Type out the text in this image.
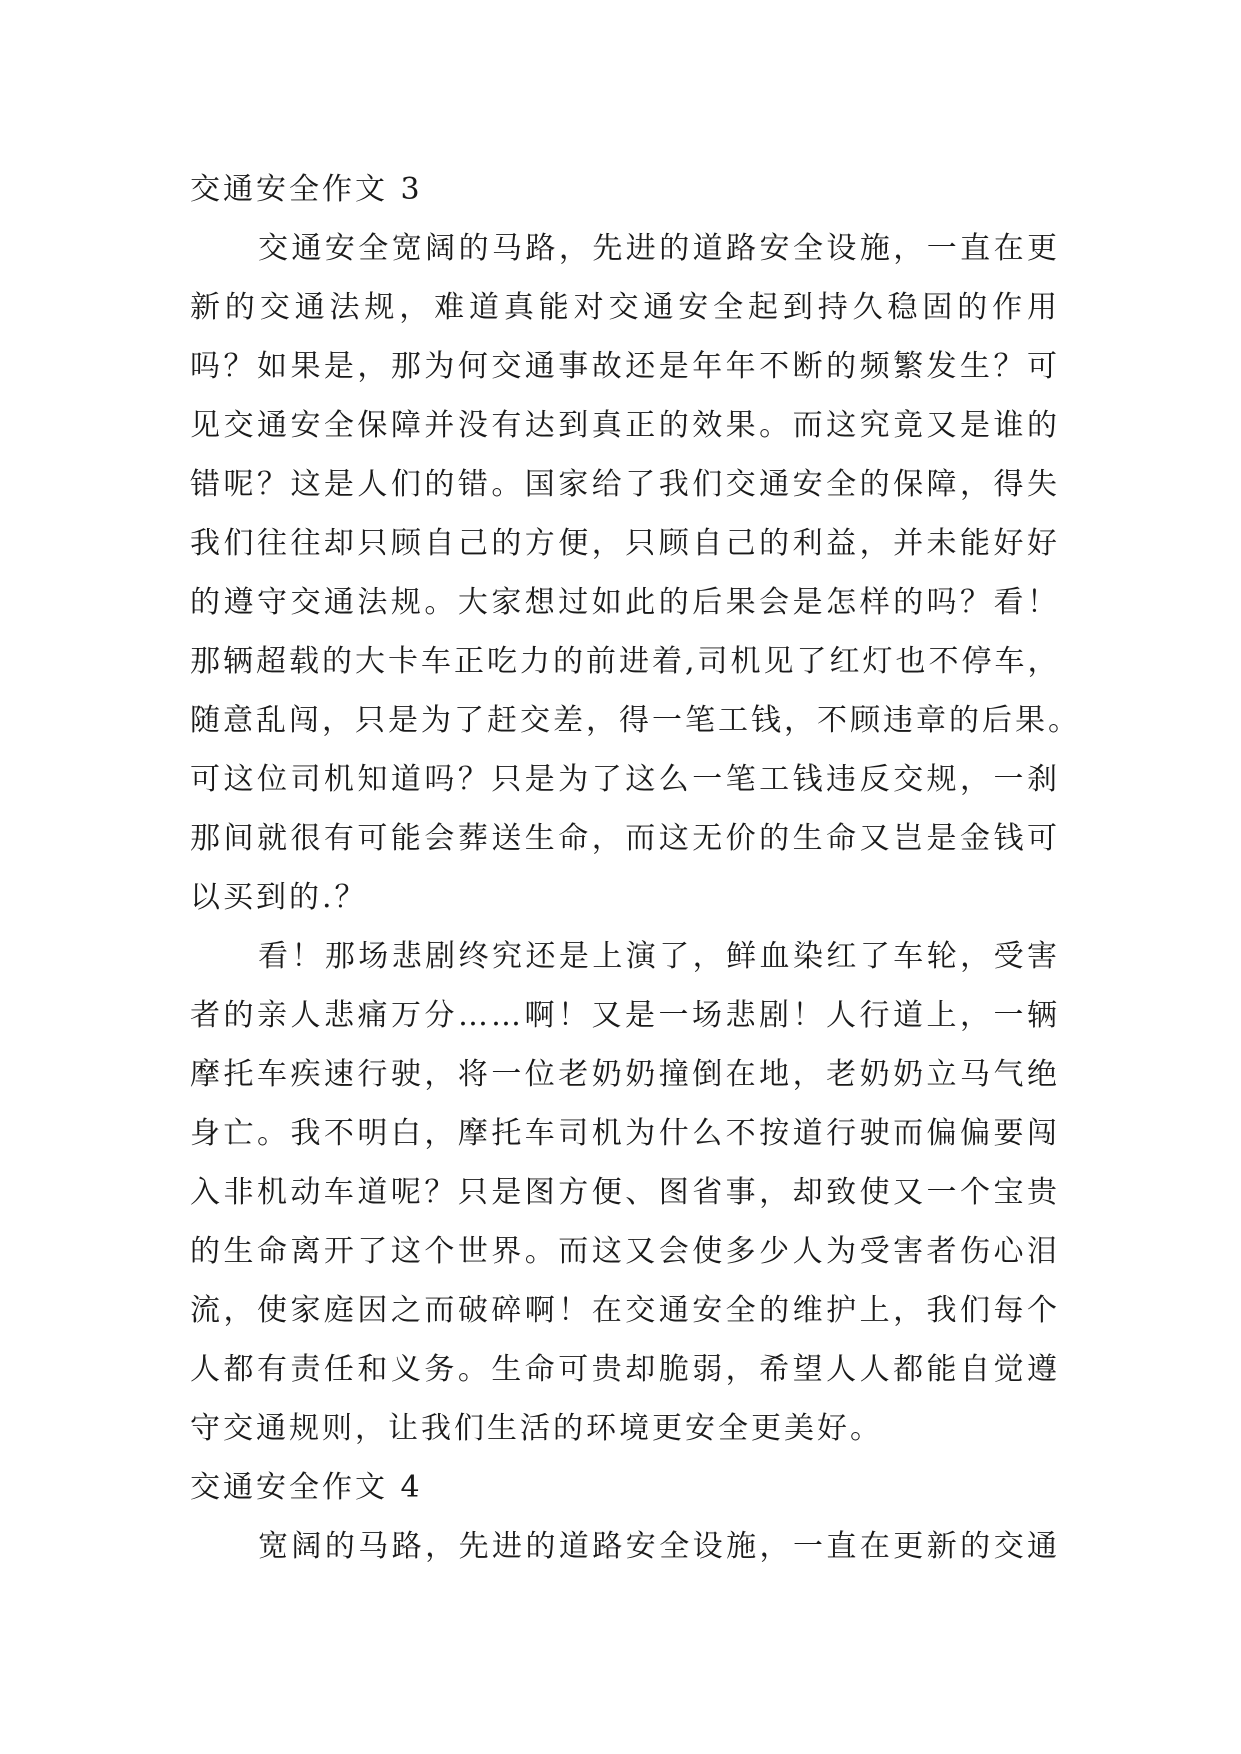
交通安全作文 3
交通安全宽阔的马路，先进的道路安全设施，一直在更
新的交通法规，难道真能对交通安全起到持久稳固的作用
吗？如果是，那为何交通事故还是年年不断的频繁发生？可
见交通安全保障并没有达到真正的效果。而这究竟又是谁的
错呢？这是人们的错。国家给了我们交通安全的保障，得失
我们往往却只顾自己的方便，只顾自己的利益，并未能好好
的遵守交通法规。大家想过如此的后果会是怎样的吗？看！
那辆超载的大卡车正吃力的前进着,司机见了红灯也不停车，
随意乱闯，只是为了赶交差，得一笔工钱，不顾违章的后果。
可这位司机知道吗？只是为了这么一笔工钱违反交规，一刹
那间就很有可能会葬送生命，而这无价的生命又岂是金钱可
以买到的.？
看！那场悲剧终究还是上演了，鲜血染红了车轮，受害
者的亲人悲痛万分……啊！又是一场悲剧！人行道上，一辆
摩托车疾速行驶，将一位老奶奶撞倒在地，老奶奶立马气绝
身亡。我不明白，摩托车司机为什么不按道行驶而偏偏要闯
入非机动车道呢？只是图方便、图省事，却致使又一个宝贵
的生命离开了这个世界。而这又会使多少人为受害者伤心泪
流，使家庭因之而破碎啊！在交通安全的维护上，我们每个
人都有责任和义务。生命可贵却脆弱，希望人人都能自觉遵
守交通规则，让我们生活的环境更安全更美好。
交通安全作文 4
宽阔的马路，先进的道路安全设施，一直在更新的交通
